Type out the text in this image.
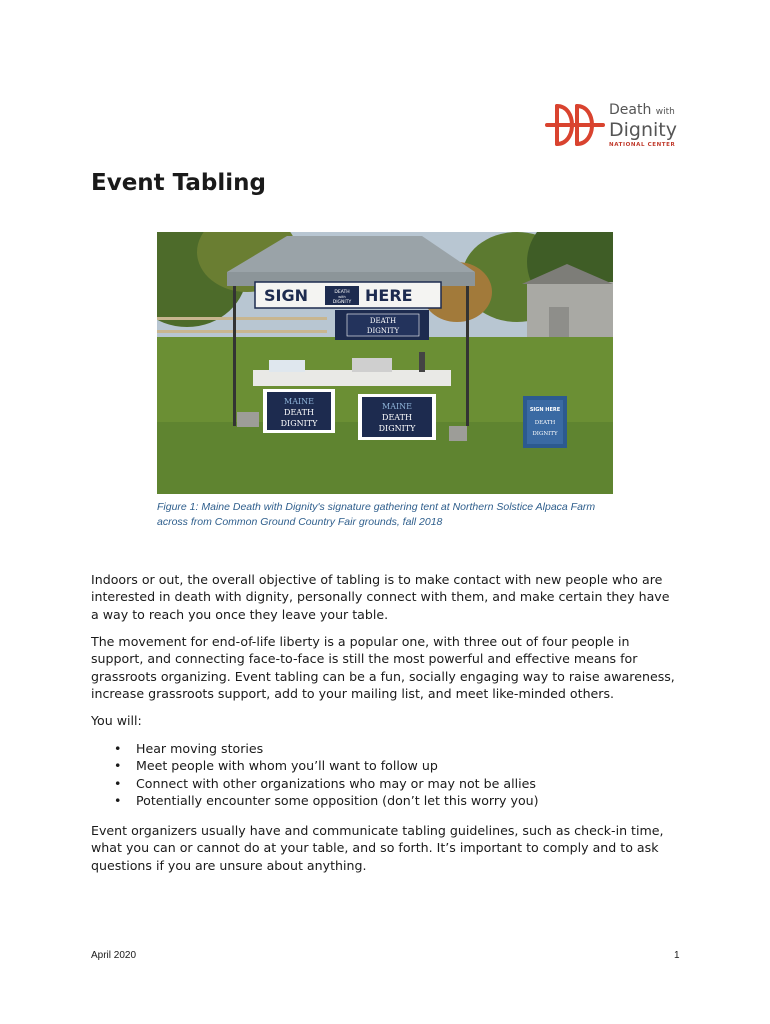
Death with
Dignity
NATIONAL CENTER
Event Tabling
SIGN	DEATH
with
DIGNITY HERE
DEATH
DIGNITY
MAINE
DEATH
DIGNITY
MAINE
DEATH
DIGNITY
SIGN HERE
DEATH
DIGNITY
Figure 1: Maine Death with Dignity's signature gathering tent at Northern Solstice Alpaca Farm across from Common Ground Country Fair grounds, fall 2018

Indoors or out, the overall objective of tabling is to make contact with new people who are interested in death with dignity, personally connect with them, and make certain they have a way to reach you once they leave your table.

The movement for end-of-life liberty is a popular one, with three out of four people in support, and connecting face-to-face is still the most powerful and effective means for grassroots organizing. Event tabling can be a fun, socially engaging way to raise awareness, increase grassroots support, add to your mailing list, and meet like-minded others.

You will:

• Hear moving stories
• Meet people with whom you’ll want to follow up
• Connect with other organizations who may or may not be allies
• Potentially encounter some opposition (don’t let this worry you)

Event organizers usually have and communicate tabling guidelines, such as check-in time, what you can or cannot do at your table, and so forth. It’s important to comply and to ask questions if you are unsure about anything.

April 2020	1
